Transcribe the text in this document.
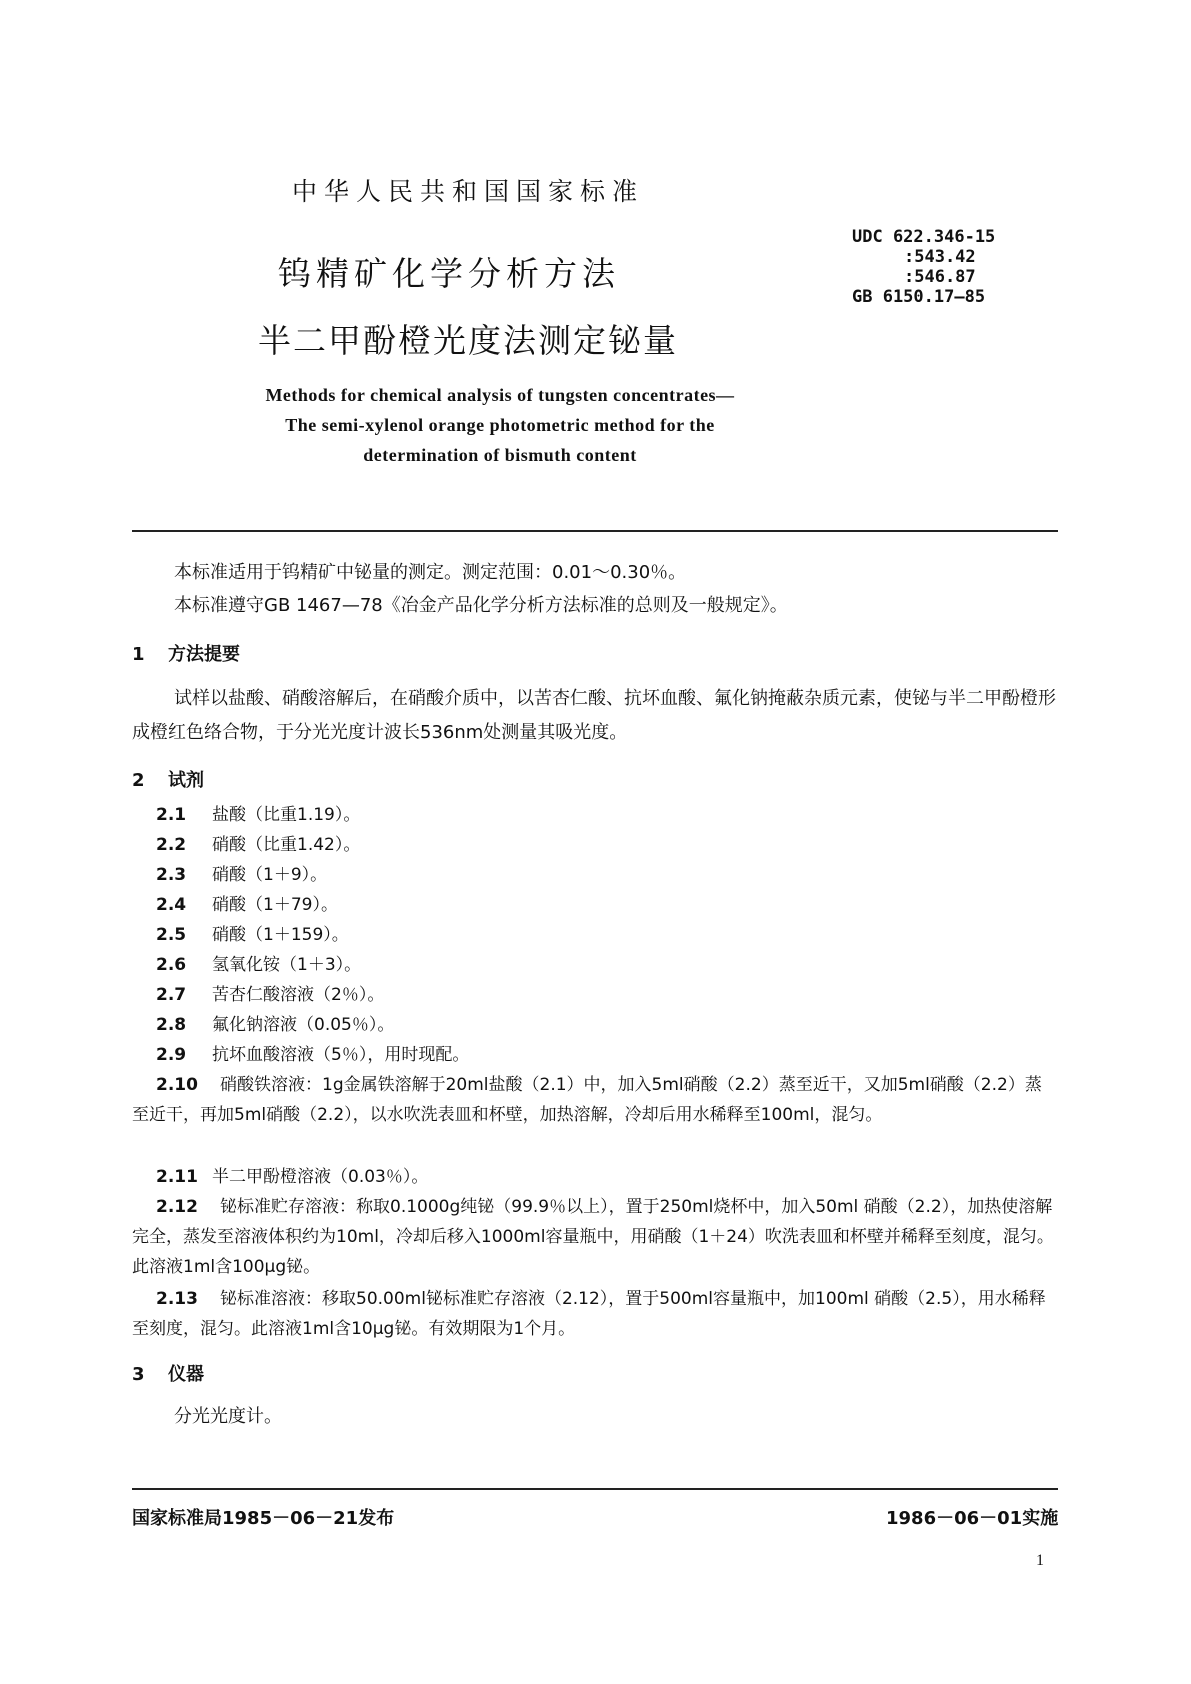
中华人民共和国国家标准
UDC 622.346-15
:543.42
:546.87
GB 6150.17—85
钨精矿化学分析方法
半二甲酚橙光度法测定铋量
Methods for chemical analysis of tungsten concentrates—
The semi-xylenol orange photometric method for the
determination of bismuth content
本标准适用于钨精矿中铋量的测定。测定范围：0.01～0.30％。
本标准遵守GB 1467—78《冶金产品化学分析方法标准的总则及一般规定》。
1 方法提要
试样以盐酸、硝酸溶解后，在硝酸介质中，以苦杏仁酸、抗坏血酸、氟化钠掩蔽杂质元素，使铋与半二甲酚橙形成橙红色络合物，于分光光度计波长536nm处测量其吸光度。
2 试剂
2.1 盐酸（比重1.19）。
2.2 硝酸（比重1.42）。
2.3 硝酸（1＋9）。
2.4 硝酸（1＋79）。
2.5 硝酸（1＋159）。
2.6 氢氧化铵（1＋3）。
2.7 苦杏仁酸溶液（2％）。
2.8 氟化钠溶液（0.05％）。
2.9 抗坏血酸溶液（5％），用时现配。
2.10 硝酸铁溶液：1g金属铁溶解于20ml盐酸（2.1）中，加入5ml硝酸（2.2）蒸至近干，又加5ml硝酸（2.2）蒸至近干，再加5ml硝酸（2.2），以水吹洗表皿和杯壁，加热溶解，冷却后用水稀释至100ml，混匀。
2.11 半二甲酚橙溶液（0.03％）。
2.12 铋标准贮存溶液：称取0.1000g纯铋（99.9％以上），置于250ml烧杯中，加入50ml 硝酸（2.2），加热使溶解完全，蒸发至溶液体积约为10ml，冷却后移入1000ml容量瓶中，用硝酸（1＋24）吹洗表皿和杯壁并稀释至刻度，混匀。此溶液1ml含100μg铋。
2.13 铋标准溶液：移取50.00ml铋标准贮存溶液（2.12），置于500ml容量瓶中，加100ml 硝酸（2.5），用水稀释至刻度，混匀。此溶液1ml含10μg铋。有效期限为1个月。
3 仪器
分光光度计。
国家标准局1985－06－21发布	1986－06－01实施
1
